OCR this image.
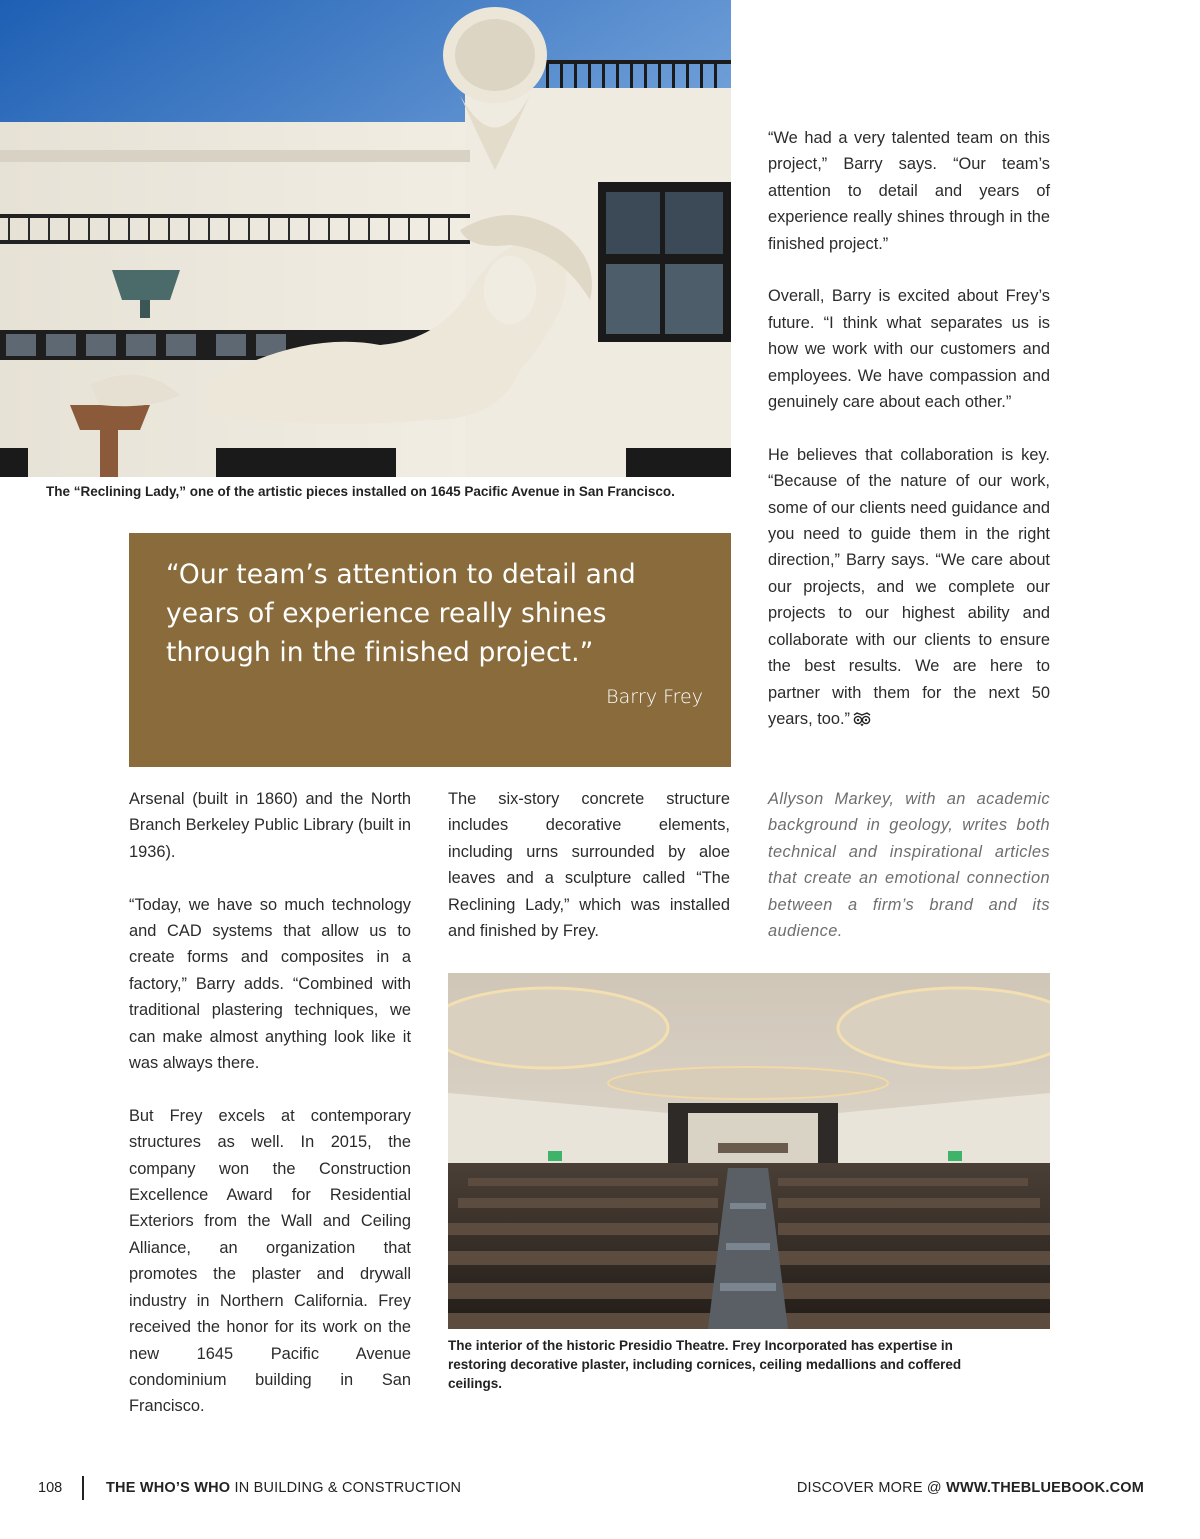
The “Reclining Lady,” one of the artistic pieces installed on 1645 Pacific Avenue in San Francisco.
“Our team’s attention to detail and years of experience really shines through in the finished project.”
Barry Frey

“We had a very talented team on this project,” Barry says. “Our team’s attention to detail and years of experience really shines through in the finished project.”

Overall, Barry is excited about Frey’s future. “I think what separates us is how we work with our customers and employees. We have compassion and genuinely care about each other.”

He believes that collaboration is key. “Because of the nature of our work, some of our clients need guidance and you need to guide them in the right direction,” Barry says. “We care about our projects, and we complete our projects to our highest ability and collaborate with our clients to ensure the best results. We are here to partner with them for the next 50 years, too.”

Arsenal (built in 1860) and the North Branch Berkeley Public Library (built in 1936).

“Today, we have so much technology and CAD systems that allow us to create forms and composites in a factory,” Barry adds. “Combined with traditional plastering techniques, we can make almost anything look like it was always there.

But Frey excels at contemporary structures as well. In 2015, the company won the Construction Excellence Award for Residential Exteriors from the Wall and Ceiling Alliance, an organization that promotes the plaster and drywall industry in Northern California. Frey received the honor for its work on the new 1645 Pacific Avenue condominium building in San Francisco.

The six-story concrete structure includes decorative elements, including urns surrounded by aloe leaves and a sculpture called “The Reclining Lady,” which was installed and finished by Frey.

Allyson Markey, with an academic background in geology, writes both technical and inspirational articles that create an emotional connection between a firm’s brand and its audience.
The interior of the historic Presidio Theatre. Frey Incorporated has expertise in restoring decorative plaster, including cornices, ceiling medallions and coffered ceilings.
108	THE WHO’S WHO IN BUILDING & CONSTRUCTION	DISCOVER MORE @ WWW.THEBLUEBOOK.COM
